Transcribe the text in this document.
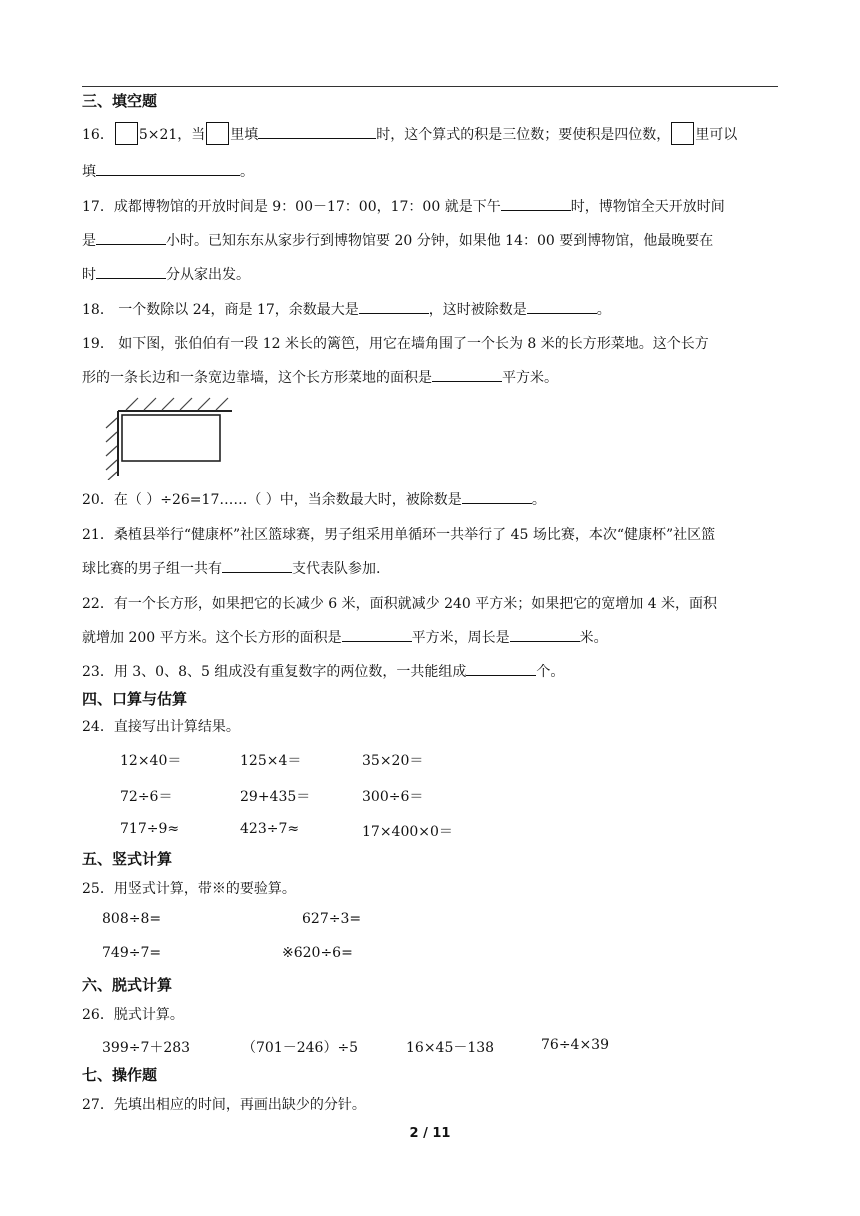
三、填空题
16． 5×21，当 里填	时，这个算式的积是三位数；要使积是四位数， 里可以
填	。
17．成都博物馆的开放时间是 9：00－17：00，17：00 就是下午	时，博物馆全天开放时间
是	小时。已知东东从家步行到博物馆要 20 分钟，如果他 14：00 要到博物馆，他最晚要在
时	分从家出发。
18． 一个数除以 24，商是 17，余数最大是	，这时被除数是	。
19． 如下图，张伯伯有一段 12 米长的篱笆，用它在墙角围了一个长为 8 米的长方形菜地。这个长方
形的一条长边和一条宽边靠墙，这个长方形菜地的面积是	平方米。
20．在（ ）÷26=17……（ ）中，当余数最大时，被除数是	。
21．桑植县举行“健康杯”社区篮球赛，男子组采用单循环一共举行了 45 场比赛，本次“健康杯”社区篮
球比赛的男子组一共有	支代表队参加.
22．有一个长方形，如果把它的长减少 6 米，面积就减少 240 平方米；如果把它的宽增加 4 米，面积
就增加 200 平方米。这个长方形的面积是	平方米，周长是	米。
23．用 3、0、8、5 组成没有重复数字的两位数，一共能组成	个。
四、口算与估算
24．直接写出计算结果。
12×40＝	125×4＝	35×20＝
72÷6＝	29+435＝	300÷6＝
717÷9≈	423÷7≈	17×400×0＝
五、竖式计算
25．用竖式计算，带※的要验算。
808÷8=	627÷3=
749÷7=	※620÷6=
六、脱式计算
26．脱式计算。
399÷7＋283	（701－246）÷5	16×45－138	76÷4×39
七、操作题
27．先填出相应的时间，再画出缺少的分针。
2 / 11
